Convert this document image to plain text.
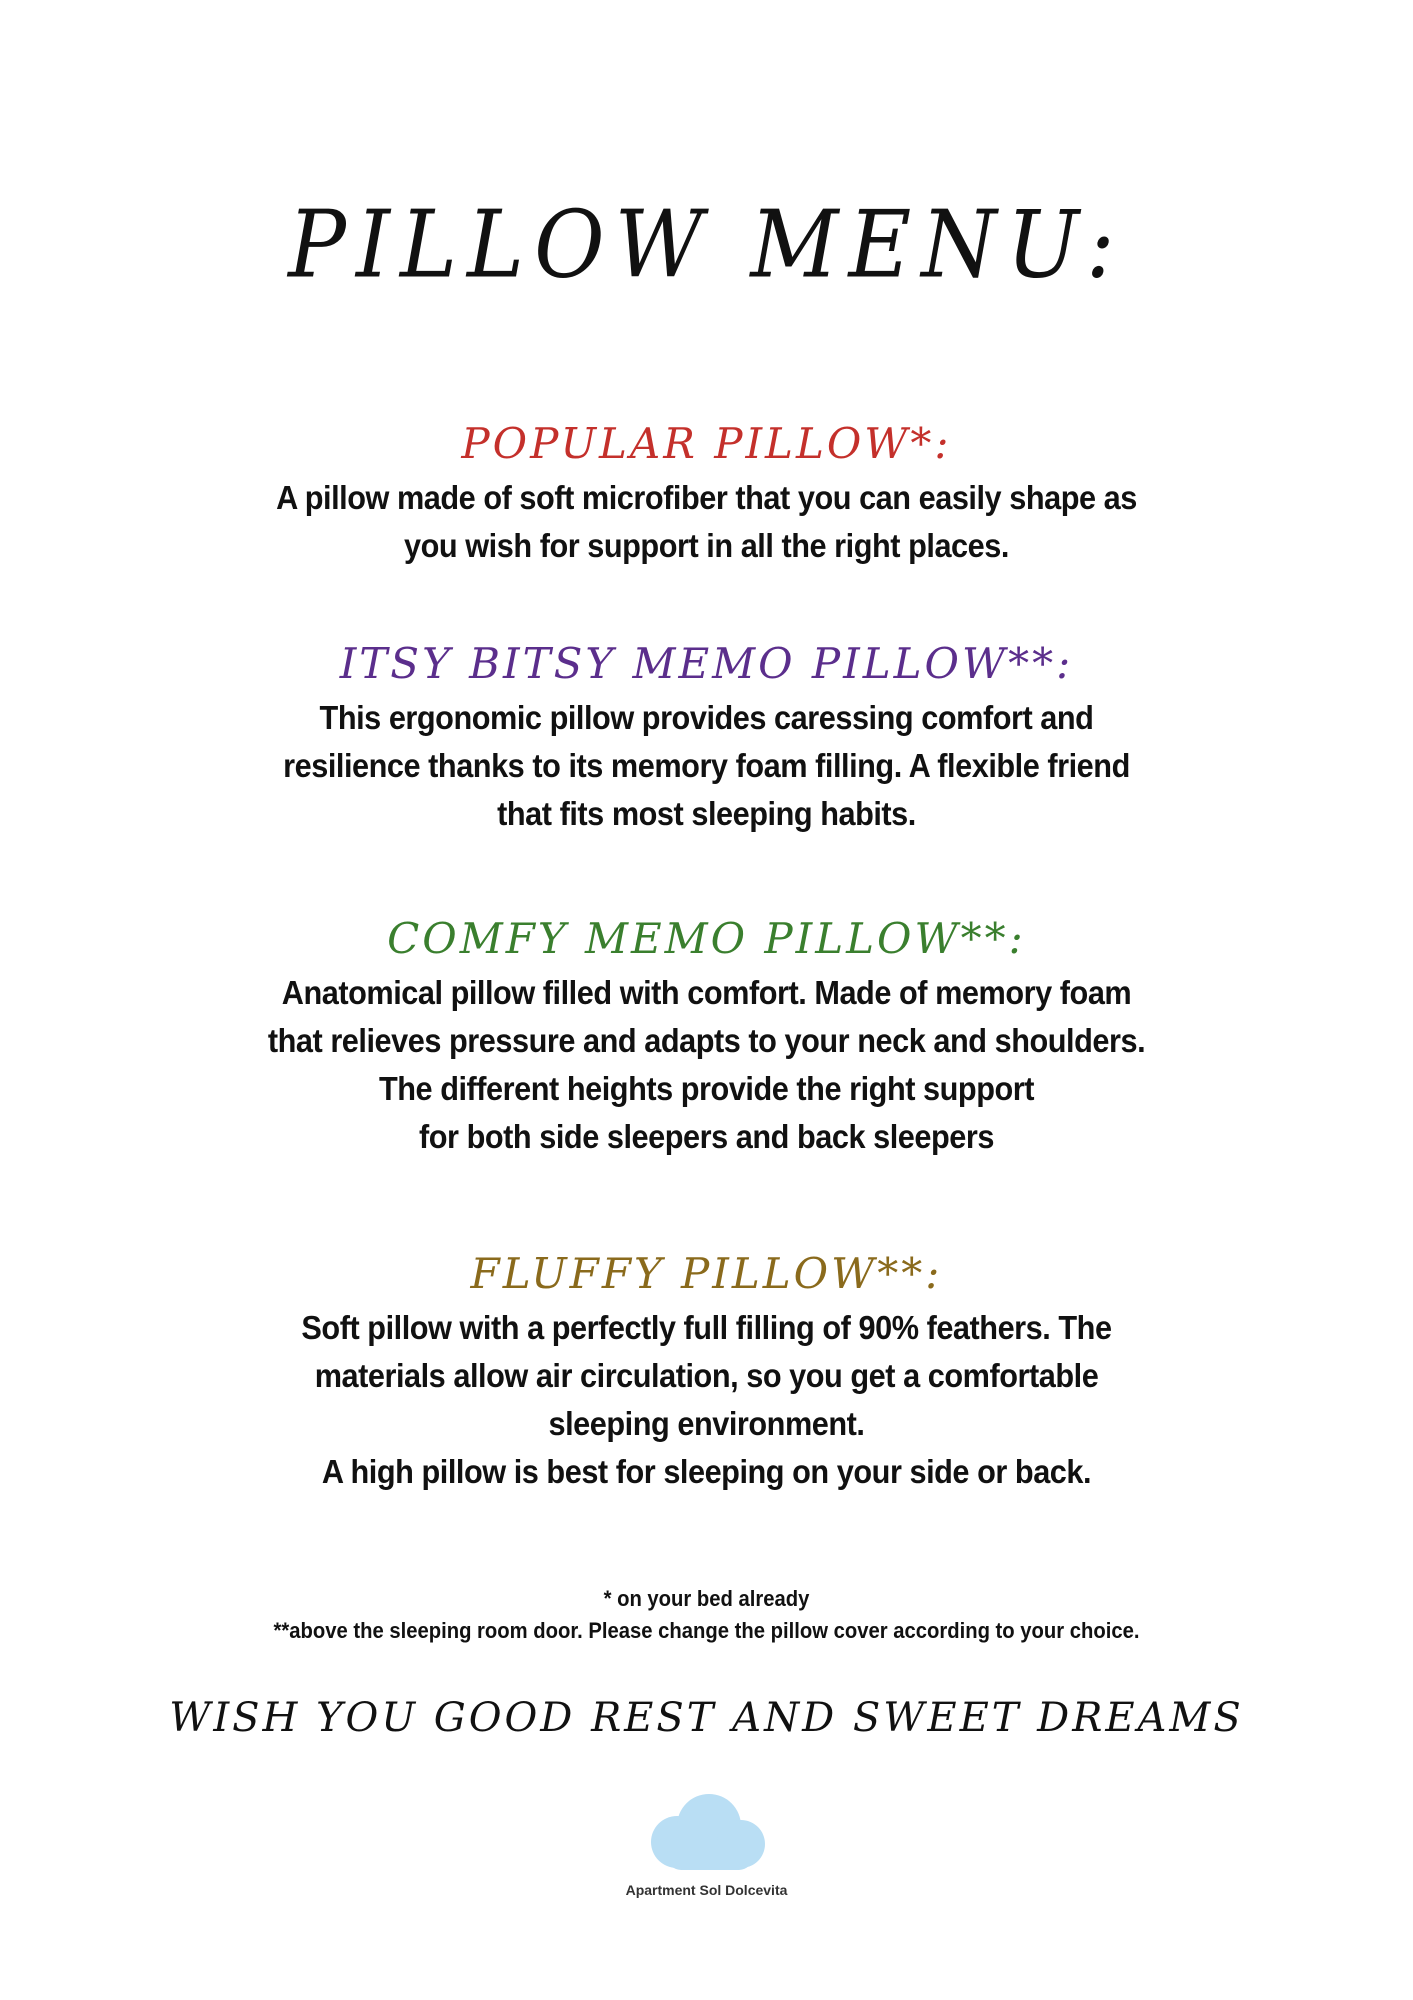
PILLOW MENU:
POPULAR PILLOW*:
A pillow made of soft microfiber that you can easily shape as
you wish for support in all the right places.
ITSY BITSY MEMO PILLOW**:
This ergonomic pillow provides caressing comfort and
resilience thanks to its memory foam filling. A flexible friend
that fits most sleeping habits.
COMFY MEMO PILLOW**:
Anatomical pillow filled with comfort. Made of memory foam
that relieves pressure and adapts to your neck and shoulders.
The different heights provide the right support
for both side sleepers and back sleepers
FLUFFY PILLOW**:
Soft pillow with a perfectly full filling of 90% feathers. The
materials allow air circulation, so you get a comfortable
sleeping environment.
A high pillow is best for sleeping on your side or back.
* on your bed already
**above the sleeping room door. Please change the pillow cover according to your choice.
WISH YOU GOOD REST AND SWEET DREAMS
Apartment Sol Dolcevita
